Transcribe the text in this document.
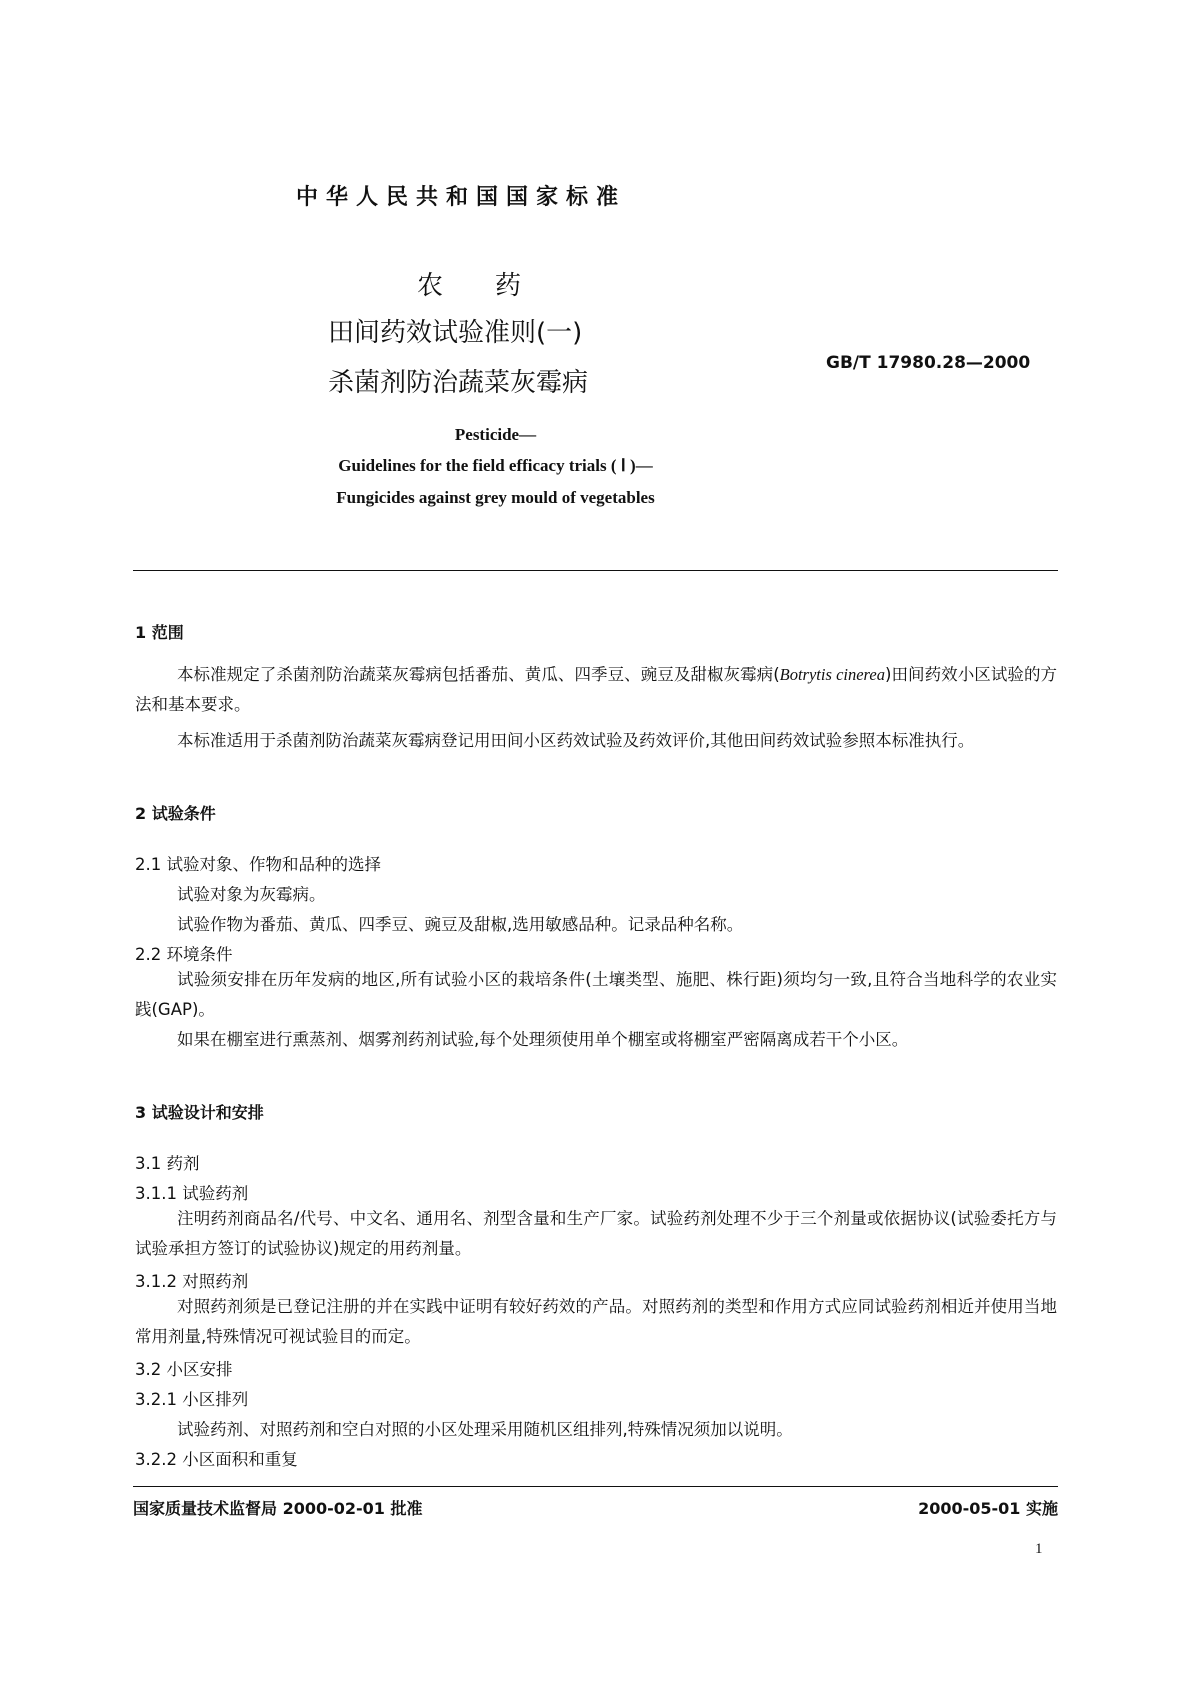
中华人民共和国国家标准
农药
田间药效试验准则(一)
杀菌剂防治蔬菜灰霉病
GB/T 17980.28—2000
Pesticide—
Guidelines for the field efficacy trials ( Ⅰ )—
Fungicides against grey mould of vegetables
1 范围
本标准规定了杀菌剂防治蔬菜灰霉病包括番茄、黄瓜、四季豆、豌豆及甜椒灰霉病(Botrytis cinerea)田间药效小区试验的方法和基本要求。
本标准适用于杀菌剂防治蔬菜灰霉病登记用田间小区药效试验及药效评价,其他田间药效试验参照本标准执行。
2 试验条件
2.1 试验对象、作物和品种的选择
试验对象为灰霉病。
试验作物为番茄、黄瓜、四季豆、豌豆及甜椒,选用敏感品种。记录品种名称。
2.2 环境条件
试验须安排在历年发病的地区,所有试验小区的栽培条件(土壤类型、施肥、株行距)须均匀一致,且符合当地科学的农业实践(GAP)。
如果在棚室进行熏蒸剂、烟雾剂药剂试验,每个处理须使用单个棚室或将棚室严密隔离成若干个小区。
3 试验设计和安排
3.1 药剂
3.1.1 试验药剂
注明药剂商品名/代号、中文名、通用名、剂型含量和生产厂家。试验药剂处理不少于三个剂量或依据协议(试验委托方与试验承担方签订的试验协议)规定的用药剂量。
3.1.2 对照药剂
对照药剂须是已登记注册的并在实践中证明有较好药效的产品。对照药剂的类型和作用方式应同试验药剂相近并使用当地常用剂量,特殊情况可视试验目的而定。
3.2 小区安排
3.2.1 小区排列
试验药剂、对照药剂和空白对照的小区处理采用随机区组排列,特殊情况须加以说明。
3.2.2 小区面积和重复
国家质量技术监督局 2000-02-01 批准	2000-05-01 实施
1
